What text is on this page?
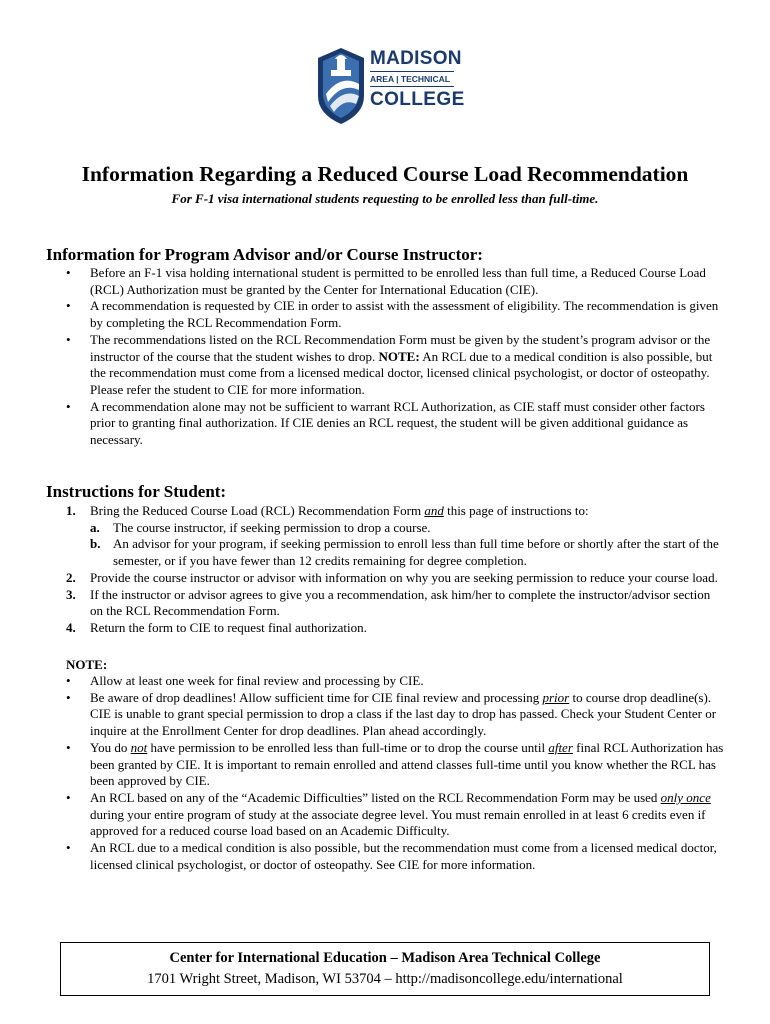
MADISON
AREA | TECHNICAL
COLLEGE
Information Regarding a Reduced Course Load Recommendation
For F-1 visa international students requesting to be enrolled less than full-time.
Information for Program Advisor and/or Course Instructor:
• Before an F-1 visa holding international student is permitted to be enrolled less than full time, a Reduced Course Load (RCL) Authorization must be granted by the Center for International Education (CIE).
• A recommendation is requested by CIE in order to assist with the assessment of eligibility. The recommendation is given by completing the RCL Recommendation Form.
• The recommendations listed on the RCL Recommendation Form must be given by the student’s program advisor or the instructor of the course that the student wishes to drop. NOTE: An RCL due to a medical condition is also possible, but the recommendation must come from a licensed medical doctor, licensed clinical psychologist, or doctor of osteopathy. Please refer the student to CIE for more information.
• A recommendation alone may not be sufficient to warrant RCL Authorization, as CIE staff must consider other factors prior to granting final authorization. If CIE denies an RCL request, the student will be given additional guidance as necessary.
Instructions for Student:
1. Bring the Reduced Course Load (RCL) Recommendation Form and this page of instructions to:
a. The course instructor, if seeking permission to drop a course.
b. An advisor for your program, if seeking permission to enroll less than full time before or shortly after the start of the semester, or if you have fewer than 12 credits remaining for degree completion.
2. Provide the course instructor or advisor with information on why you are seeking permission to reduce your course load.
3. If the instructor or advisor agrees to give you a recommendation, ask him/her to complete the instructor/advisor section on the RCL Recommendation Form.
4. Return the form to CIE to request final authorization.
NOTE:
• Allow at least one week for final review and processing by CIE.
• Be aware of drop deadlines! Allow sufficient time for CIE final review and processing prior to course drop deadline(s). CIE is unable to grant special permission to drop a class if the last day to drop has passed. Check your Student Center or inquire at the Enrollment Center for drop deadlines. Plan ahead accordingly.
• You do not have permission to be enrolled less than full-time or to drop the course until after final RCL Authorization has been granted by CIE. It is important to remain enrolled and attend classes full-time until you know whether the RCL has been approved by CIE.
• An RCL based on any of the “Academic Difficulties” listed on the RCL Recommendation Form may be used only once during your entire program of study at the associate degree level. You must remain enrolled in at least 6 credits even if approved for a reduced course load based on an Academic Difficulty.
• An RCL due to a medical condition is also possible, but the recommendation must come from a licensed medical doctor, licensed clinical psychologist, or doctor of osteopathy. See CIE for more information.
Center for International Education – Madison Area Technical College
1701 Wright Street, Madison, WI 53704 – http://madisoncollege.edu/international
